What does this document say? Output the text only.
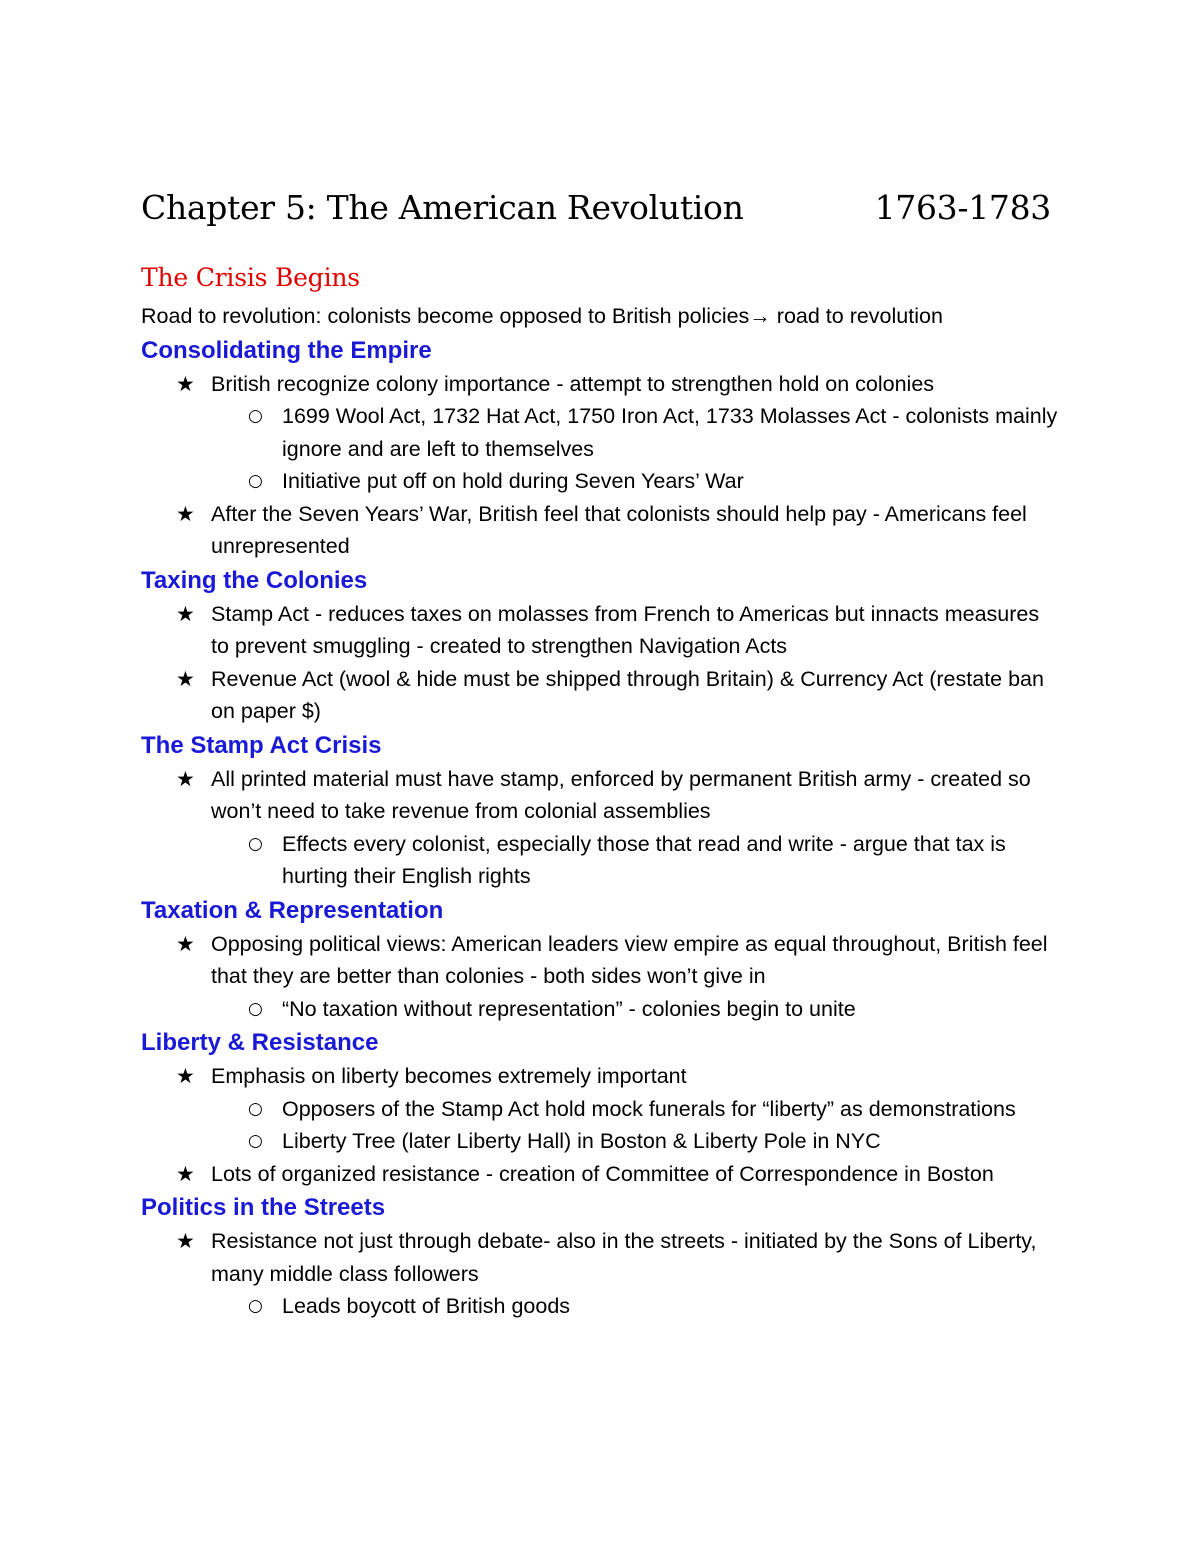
Chapter 5: The American Revolution	1763-1783
The Crisis Begins
Road to revolution: colonists become opposed to British policies→ road to revolution
Consolidating the Empire
★ British recognize colony importance - attempt to strengthen hold on colonies
○ 1699 Wool Act, 1732 Hat Act, 1750 Iron Act, 1733 Molasses Act - colonists mainly ignore and are left to themselves
○ Initiative put off on hold during Seven Years’ War
★ After the Seven Years’ War, British feel that colonists should help pay - Americans feel unrepresented
Taxing the Colonies
★ Stamp Act - reduces taxes on molasses from French to Americas but innacts measures to prevent smuggling - created to strengthen Navigation Acts
★ Revenue Act (wool & hide must be shipped through Britain) & Currency Act (restate ban on paper $)
The Stamp Act Crisis
★ All printed material must have stamp, enforced by permanent British army - created so won’t need to take revenue from colonial assemblies
○ Effects every colonist, especially those that read and write - argue that tax is hurting their English rights
Taxation & Representation
★ Opposing political views: American leaders view empire as equal throughout, British feel that they are better than colonies - both sides won’t give in
○ “No taxation without representation” - colonies begin to unite
Liberty & Resistance
★ Emphasis on liberty becomes extremely important
○ Opposers of the Stamp Act hold mock funerals for “liberty” as demonstrations
○ Liberty Tree (later Liberty Hall) in Boston & Liberty Pole in NYC
★ Lots of organized resistance - creation of Committee of Correspondence in Boston
Politics in the Streets
★ Resistance not just through debate- also in the streets - initiated by the Sons of Liberty, many middle class followers
○ Leads boycott of British goods
